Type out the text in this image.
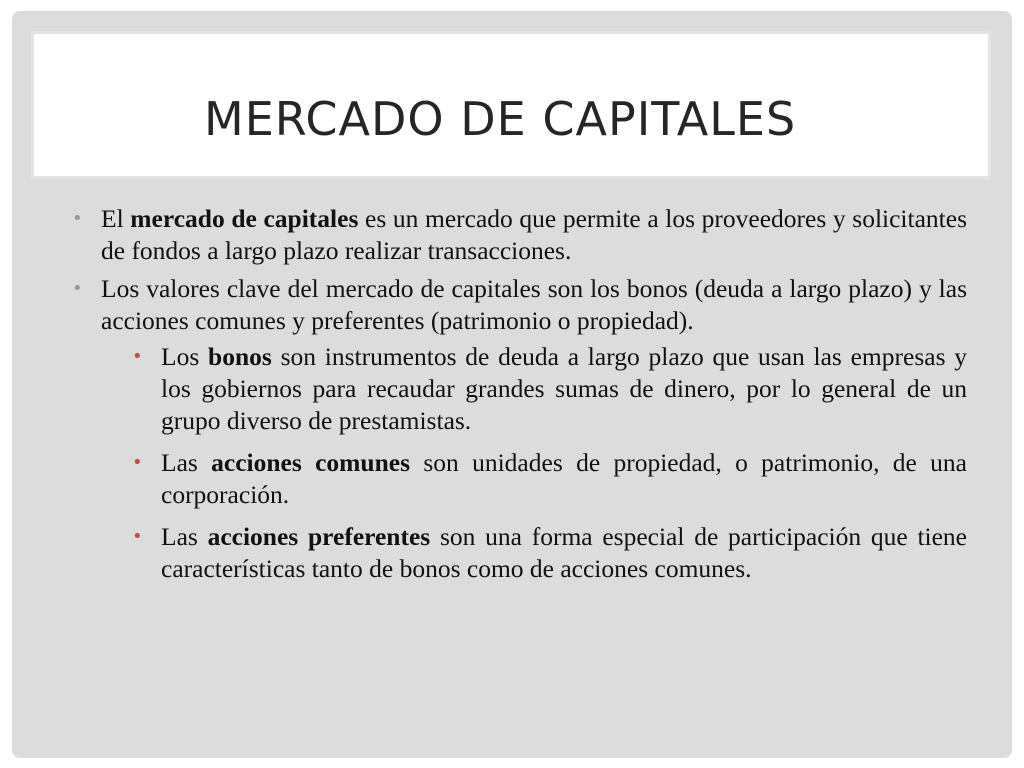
MERCADO DE CAPITALES
• El mercado de capitales es un mercado que permite a los proveedores y solicitantes de fondos a largo plazo realizar transacciones.
• Los valores clave del mercado de capitales son los bonos (deuda a largo plazo) y las acciones comunes y preferentes (patrimonio o propiedad).
• Los bonos son instrumentos de deuda a largo plazo que usan las empresas y los gobiernos para recaudar grandes sumas de dinero, por lo general de un grupo diverso de prestamistas.
• Las acciones comunes son unidades de propiedad, o patrimonio, de una corporación.
• Las acciones preferentes son una forma especial de participación que tiene características tanto de bonos como de acciones comunes.
